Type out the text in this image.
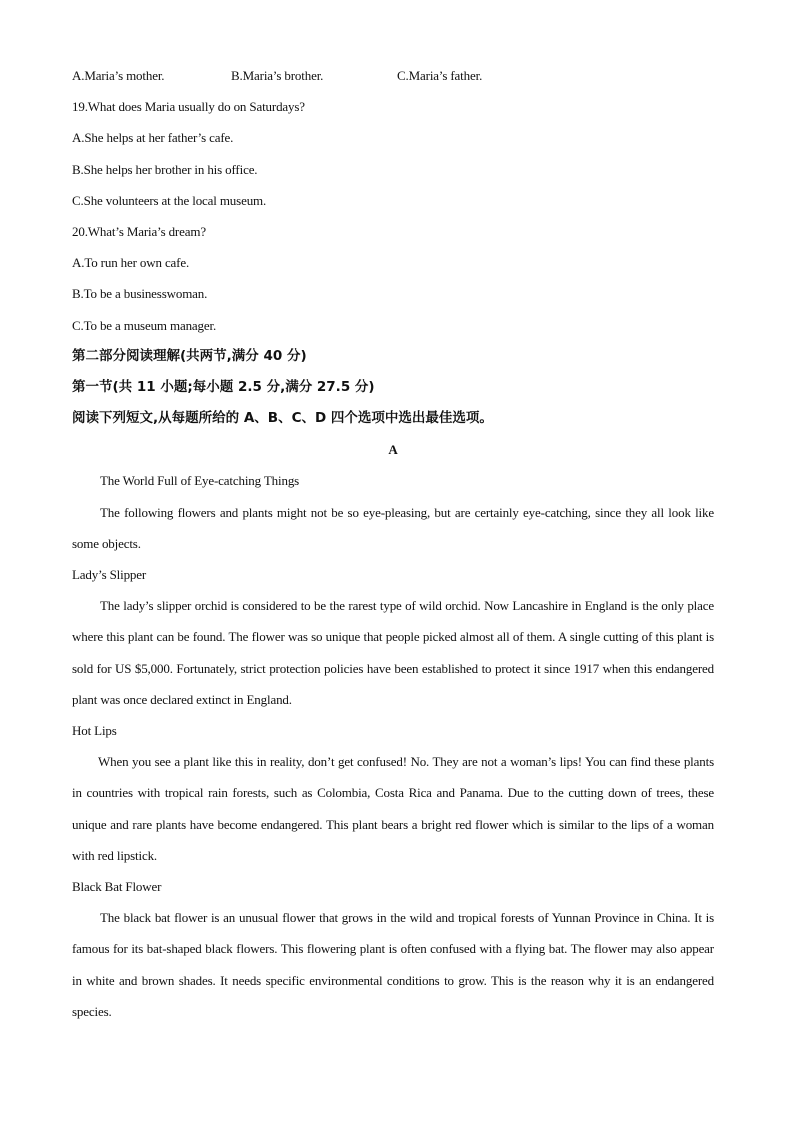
A.Maria’s mother.	B.Maria’s brother.	C.Maria’s father.
19.What does Maria usually do on Saturdays?
A.She helps at her father’s cafe.
B.She helps her brother in his office.
C.She volunteers at the local museum.
20.What’s Maria’s dream?
A.To run her own cafe.
B.To be a businesswoman.
C.To be a museum manager.
第二部分阅读理解(共两节,满分 40 分)
第一节(共 11 小题;每小题 2.5 分,满分 27.5 分)
阅读下列短文,从每题所给的 A、B、C、D 四个选项中选出最佳选项。
A
The World Full of Eye-catching Things
The following flowers and plants might not be so eye-pleasing, but are certainly eye-catching, since they all look like some objects.
Lady’s Slipper
The lady’s slipper orchid is considered to be the rarest type of wild orchid. Now Lancashire in England is the only place where this plant can be found. The flower was so unique that people picked almost all of them. A single cutting of this plant is sold for US $5,000. Fortunately, strict protection policies have been established to protect it since 1917 when this endangered plant was once declared extinct in England.
Hot Lips
When you see a plant like this in reality, don’t get confused! No. They are not a woman’s lips! You can find these plants in countries with tropical rain forests, such as Colombia, Costa Rica and Panama. Due to the cutting down of trees, these unique and rare plants have become endangered. This plant bears a bright red flower which is similar to the lips of a woman with red lipstick.
Black Bat Flower
The black bat flower is an unusual flower that grows in the wild and tropical forests of Yunnan Province in China. It is famous for its bat-shaped black flowers. This flowering plant is often confused with a flying bat. The flower may also appear in white and brown shades. It needs specific environmental conditions to grow. This is the reason why it is an endangered species.
